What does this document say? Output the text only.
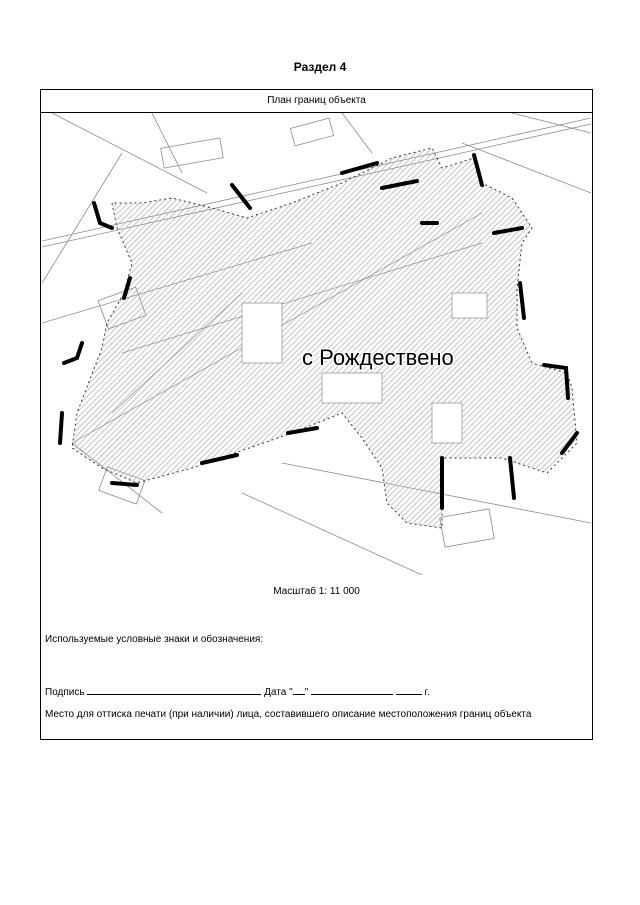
Раздел 4
План границ объекта
с Рождествено
Масштаб 1: 11 000
Используемые условные знаки и обозначения:
Подпись	Дата " "	г.
Место для оттиска печати (при наличии) лица, составившего описание местоположения границ объекта
